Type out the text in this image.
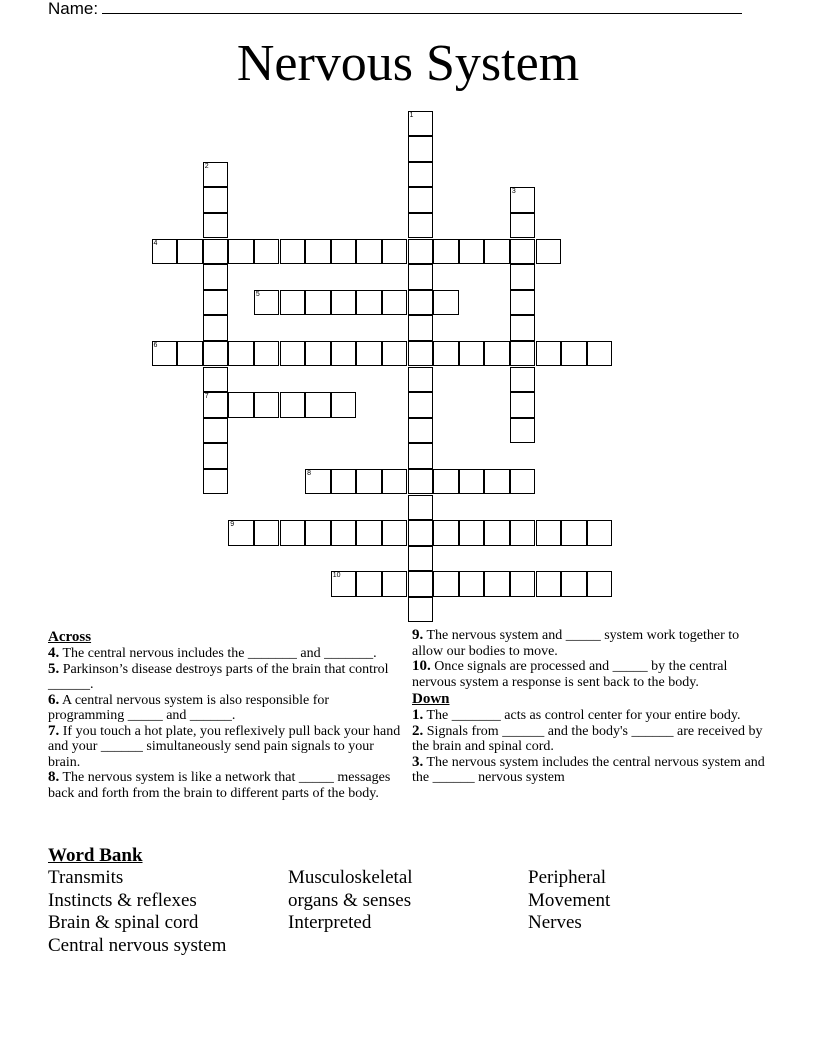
Name:
Nervous System
1
2
7
3
4
5
6
8
9
10
Across

4. The central nervous includes the _______ and _______.

5. Parkinson’s disease destroys parts of the brain that control ______.

6. A central nervous system is also responsible for programming _____ and ______.

7. If you touch a hot plate, you reflexively pull back your hand and your ______ simultaneously send pain signals to your brain.

8. The nervous system is like a network that _____ messages back and forth from the brain to different parts of the body.

9. The nervous system and _____ system work together to allow our bodies to move.

10. Once signals are processed and _____ by the central nervous system a response is sent back to the body.

Down

1. The _______ acts as control center for your entire body.

2. Signals from ______ and the body's ______ are received by the brain and spinal cord.

3. The nervous system includes the central nervous system and the ______ nervous system

Word Bank
Transmits
Instincts & reflexes
Brain & spinal cord
Central nervous system
Musculoskeletal
organs & senses
Interpreted
Peripheral
Movement
Nerves
